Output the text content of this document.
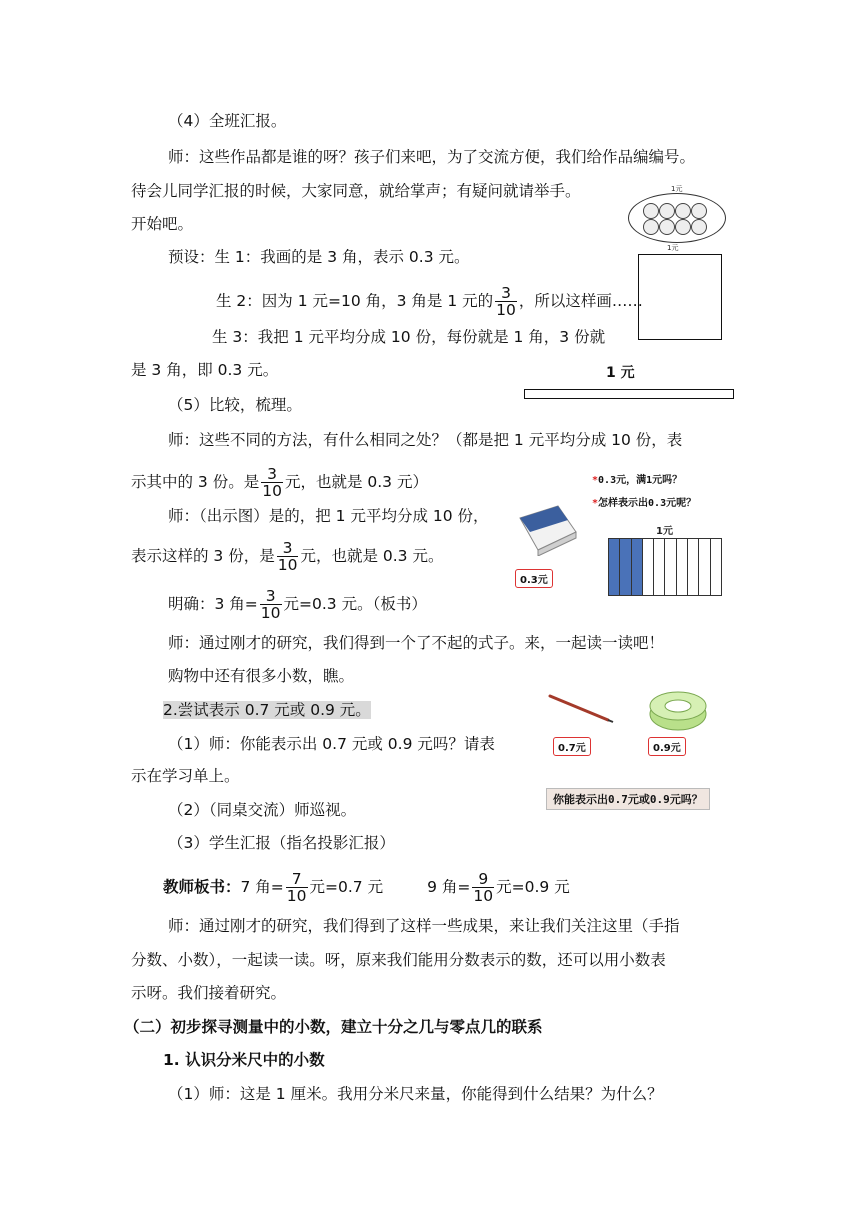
（4）全班汇报。
师：这些作品都是谁的呀？孩子们来吧，为了交流方便，我们给作品编编号。
待会儿同学汇报的时候，大家同意，就给掌声；有疑问就请举手。
开始吧。
预设：生 1：我画的是 3 角，表示 0.3 元。
生 2：因为 1 元=10 角，3 角是 1 元的 $\frac{3}{10}$ ，所以这样画……
生 3：我把 1 元平均分成 10 份，每份就是 1 角，3 份就
是 3 角，即 0.3 元。
（5）比较，梳理。
师：这些不同的方法，有什么相同之处？（都是把 1 元平均分成 10 份，表
示其中的 3 份。是 $\frac{3}{10}$ 元，也就是 0.3 元）
师：（出示图）是的，把 1 元平均分成 10 份，
表示这样的 3 份，是 $\frac{3}{10}$ 元，也就是 0.3 元。
明确：3 角= $\frac{3}{10}$ 元=0.3 元。（板书）
师：通过刚才的研究，我们得到一个了不起的式子。来，一起读一读吧！
购物中还有很多小数，瞧。
2.尝试表示 0.7 元或 0.9 元。
（1）师：你能表示出 0.7 元或 0.9 元吗？请表
示在学习单上。
（2）（同桌交流）师巡视。
（3）学生汇报（指名投影汇报）
教师板书：7 角= $\frac{7}{10}$ 元=0.7 元	9 角= $\frac{9}{10}$ 元=0.9 元
师：通过刚才的研究，我们得到了这样一些成果，来让我们关注这里（手指
分数、小数），一起读一读。呀，原来我们能用分数表示的数，还可以用小数表
示呀。我们接着研究。
（二）初步探寻测量中的小数，建立十分之几与零点几的联系
1. 认识分米尺中的小数
（1）师：这是 1 厘米。我用分米尺来量，你能得到什么结果？为什么？
1元
1元
1 元
*0.3元，满1元吗？
*怎样表示出0.3元呢？
1元
0.3元
0.7元	0.9元
你能表示出0.7元或0.9元吗？
